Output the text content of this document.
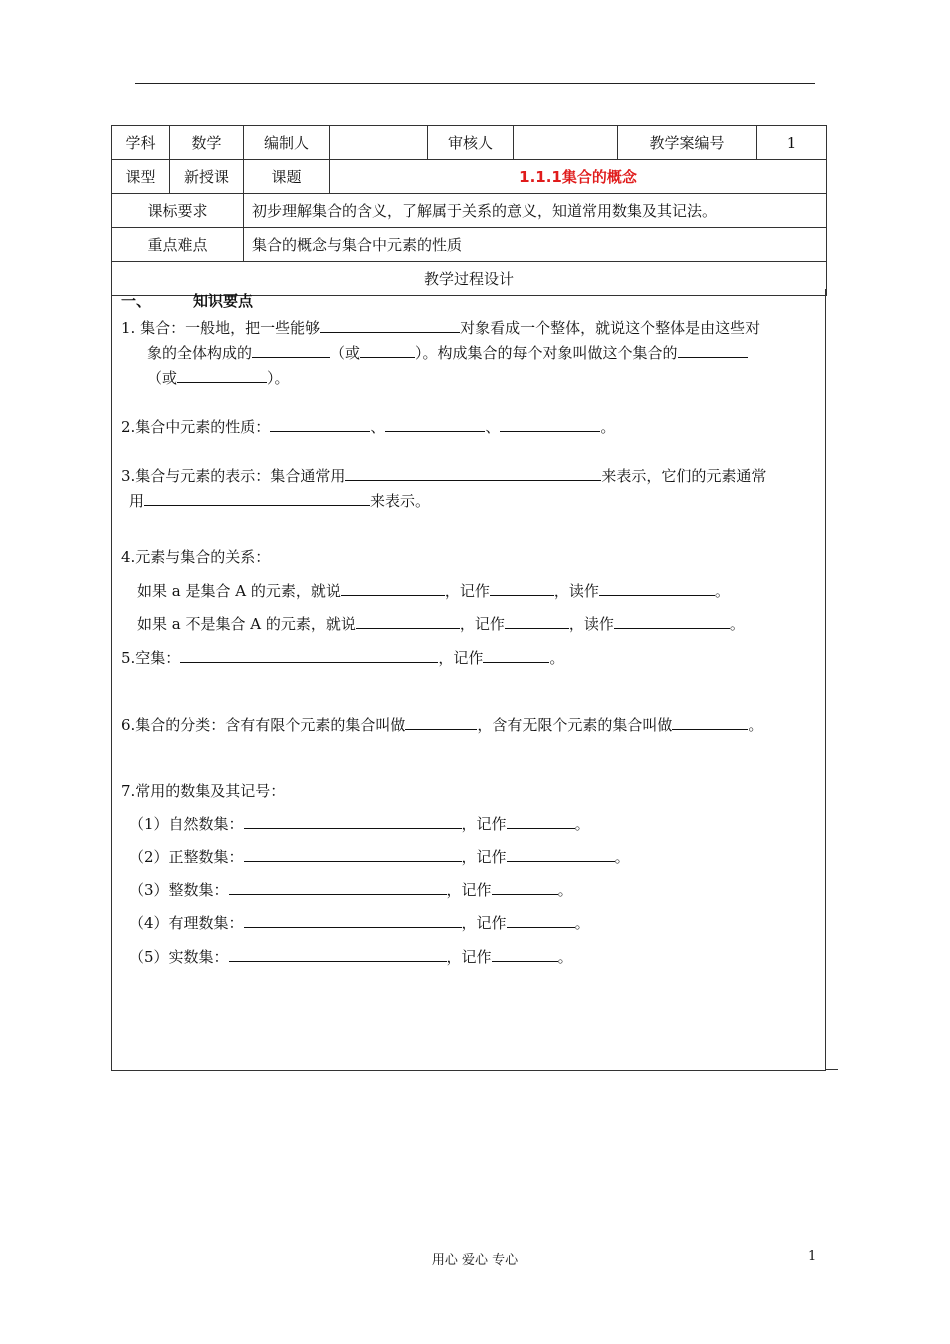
学科	数学	编制人		审核人		教学案编号	1
课型	新授课	课题	1.1.1集合的概念				
课标要求		初步理解集合的含义，了解属于关系的意义，知道常用数集及其记法。					
重点难点		集合的概念与集合中元素的性质					
教学过程设计							
一、	知识要点
1. 集合：一般地，把一些能够	对象看成一个整体，就说这个整体是由这些对
象的全体构成的	（或	）。构成集合的每个对象叫做这个集合的
（或	）。
2.集合中元素的性质：	、	、	。
3.集合与元素的表示：集合通常用	来表示，它们的元素通常
用	来表示。
4.元素与集合的关系：
如果 a 是集合 A 的元素，就说	，记作	，读作	。
如果 a 不是集合 A 的元素，就说	，记作	，读作	。
5.空集：	，记作	。
6.集合的分类：含有有限个元素的集合叫做	，含有无限个元素的集合叫做	。
7.常用的数集及其记号：
（1）自然数集：	，记作	。
（2）正整数集：	，记作	。
（3）整数集：	，记作	。
（4）有理数集：	，记作	。
（5）实数集：	，记作	。
用心 爱心 专心	1
